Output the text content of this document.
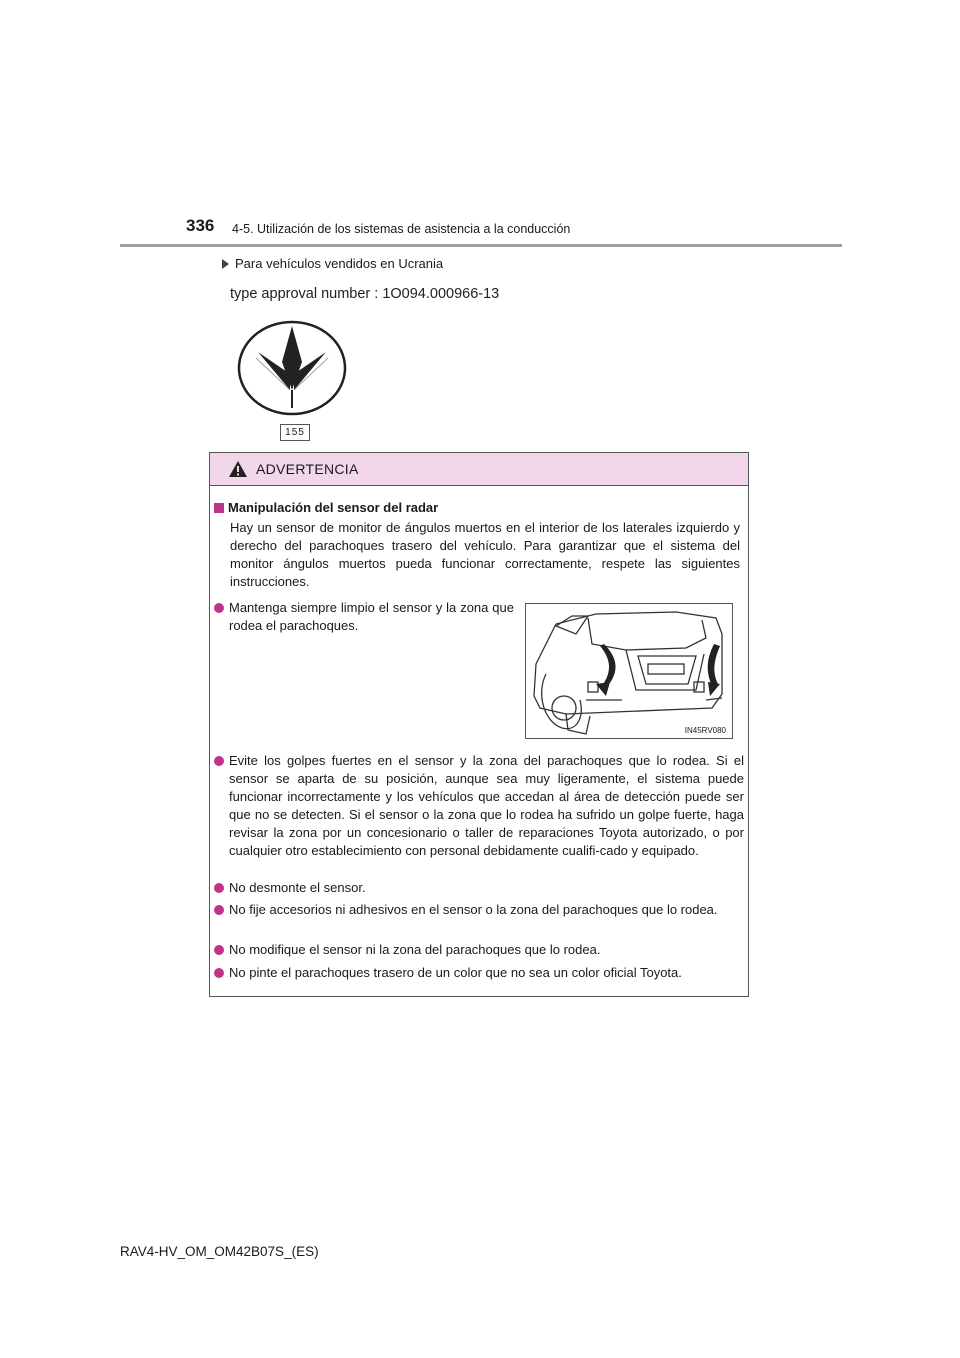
336 4-5. Utilización de los sistemas de asistencia a la conducción
Para vehículos vendidos en Ucrania
type approval number : 1O094.000966-13
155
ADVERTENCIA
Manipulación del sensor del radar
Hay un sensor de monitor de ángulos muertos en el interior de los laterales izquierdo y derecho del parachoques trasero del vehículo. Para garantizar que el sistema del monitor ángulos muertos pueda funcionar correctamente, respete las siguientes instrucciones.
Mantenga siempre limpio el sensor y la zona que rodea el parachoques.
IN45RV080
Evite los golpes fuertes en el sensor y la zona del parachoques que lo rodea. Si el sensor se aparta de su posición, aunque sea muy ligeramente, el sistema puede funcionar incorrectamente y los vehículos que accedan al área de detección puede ser que no se detecten. Si el sensor o la zona que lo rodea ha sufrido un golpe fuerte, haga revisar la zona por un concesionario o taller de reparaciones Toyota autorizado, o por cualquier otro establecimiento con personal debidamente cualifi-cado y equipado.
No desmonte el sensor.
No fije accesorios ni adhesivos en el sensor o la zona del parachoques que lo rodea.
No modifique el sensor ni la zona del parachoques que lo rodea.
No pinte el parachoques trasero de un color que no sea un color oficial Toyota.
RAV4-HV_OM_OM42B07S_(ES)
